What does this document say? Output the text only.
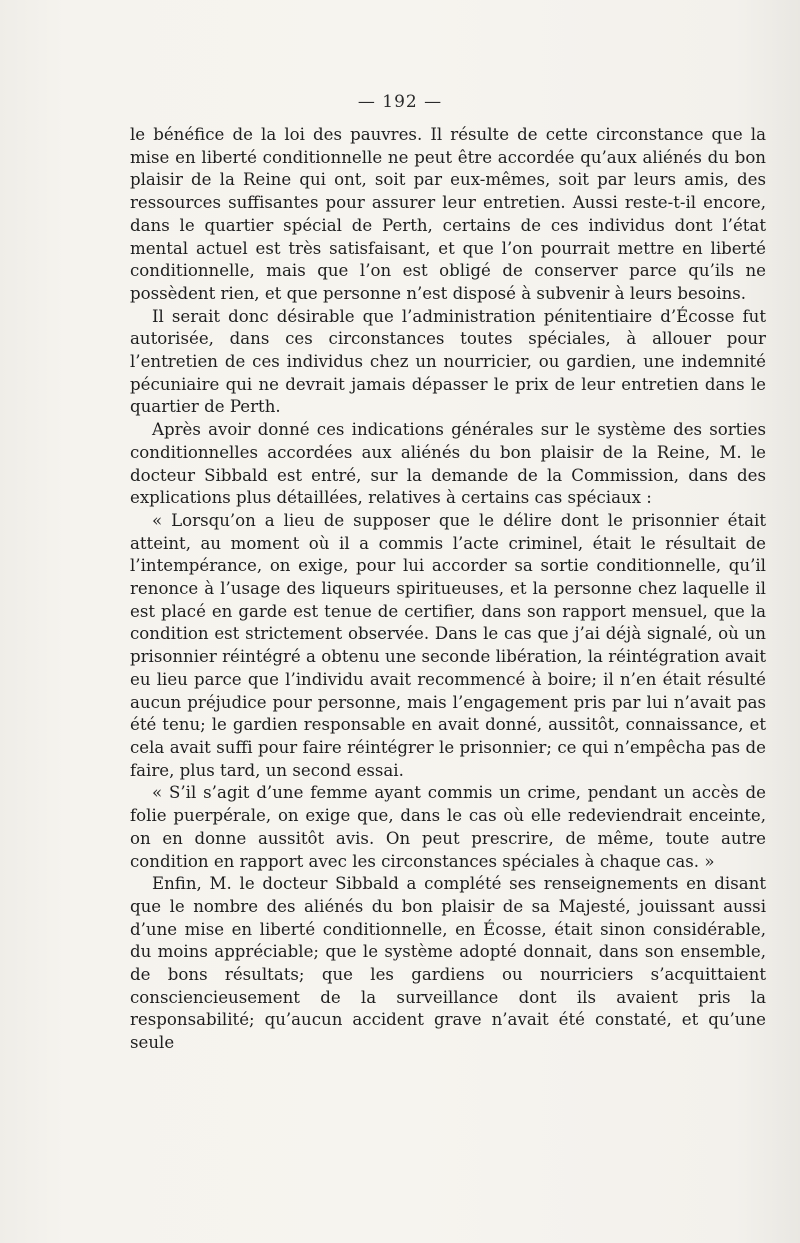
— 192 —

le bénéfice de la loi des pauvres. Il résulte de cette circonstance que la mise en liberté conditionnelle ne peut être accordée qu’aux aliénés du bon plaisir de la Reine qui ont, soit par eux-mêmes, soit par leurs amis, des ressources suffisantes pour assurer leur entretien. Aussi reste-t-il encore, dans le quartier spécial de Perth, certains de ces individus dont l’état mental actuel est très satisfaisant, et que l’on pourrait mettre en liberté conditionnelle, mais que l’on est obligé de conserver parce qu’ils ne possèdent rien, et que personne n’est disposé à subvenir à leurs besoins.

Il serait donc désirable que l’administration pénitentiaire d’Écosse fut autorisée, dans ces circonstances toutes spéciales, à allouer pour l’entretien de ces individus chez un nourricier, ou gardien, une indemnité pécuniaire qui ne devrait jamais dépasser le prix de leur entretien dans le quartier de Perth.

Après avoir donné ces indications générales sur le système des sorties conditionnelles accordées aux aliénés du bon plaisir de la Reine, M. le docteur Sibbald est entré, sur la demande de la Commission, dans des explications plus détaillées, relatives à certains cas spéciaux :

« Lorsqu’on a lieu de supposer que le délire dont le prisonnier était atteint, au moment où il a commis l’acte criminel, était le résultait de l’intempérance, on exige, pour lui accorder sa sortie conditionnelle, qu’il renonce à l’usage des liqueurs spiritueuses, et la personne chez laquelle il est placé en garde est tenue de certifier, dans son rapport mensuel, que la condition est strictement observée. Dans le cas que j’ai déjà signalé, où un prisonnier réintégré a obtenu une seconde libération, la réintégration avait eu lieu parce que l’individu avait recommencé à boire; il n’en était résulté aucun préjudice pour personne, mais l’engagement pris par lui n’avait pas été tenu; le gardien responsable en avait donné, aussitôt, connaissance, et cela avait suffi pour faire réintégrer le prisonnier; ce qui n’empêcha pas de faire, plus tard, un second essai.

« S’il s’agit d’une femme ayant commis un crime, pendant un accès de folie puerpérale, on exige que, dans le cas où elle redeviendrait enceinte, on en donne aussitôt avis. On peut prescrire, de même, toute autre condition en rapport avec les circonstances spéciales à chaque cas. »

Enfin, M. le docteur Sibbald a complété ses renseignements en disant que le nombre des aliénés du bon plaisir de sa Majesté, jouissant aussi d’une mise en liberté conditionnelle, en Écosse, était sinon considérable, du moins appréciable; que le système adopté donnait, dans son ensemble, de bons résultats; que les gardiens ou nourriciers s’acquittaient consciencieusement de la surveillance dont ils avaient pris la responsabilité; qu’aucun accident grave n’avait été constaté, et qu’une seule
